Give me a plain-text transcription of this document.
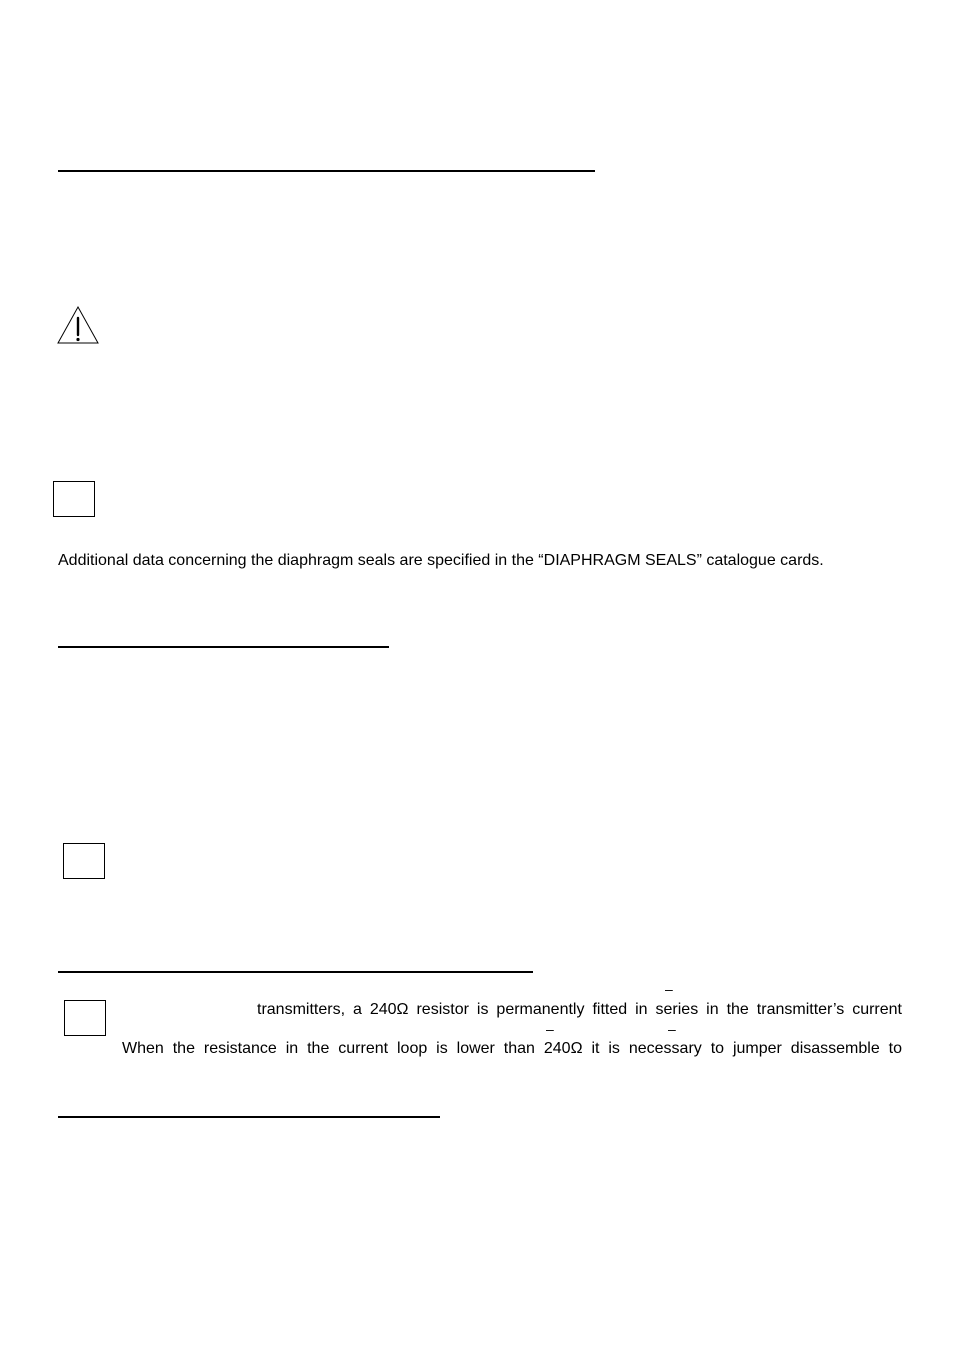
Additional data concerning the diaphragm seals are specified in the “DIAPHRAGM SEALS” catalogue cards.
–
transmitters, a 240Ω resistor is permanently fitted in series in the transmitter’s current
–	–
When the resistance in the current loop is lower than 240Ω it is necessary to jumper disassemble to
